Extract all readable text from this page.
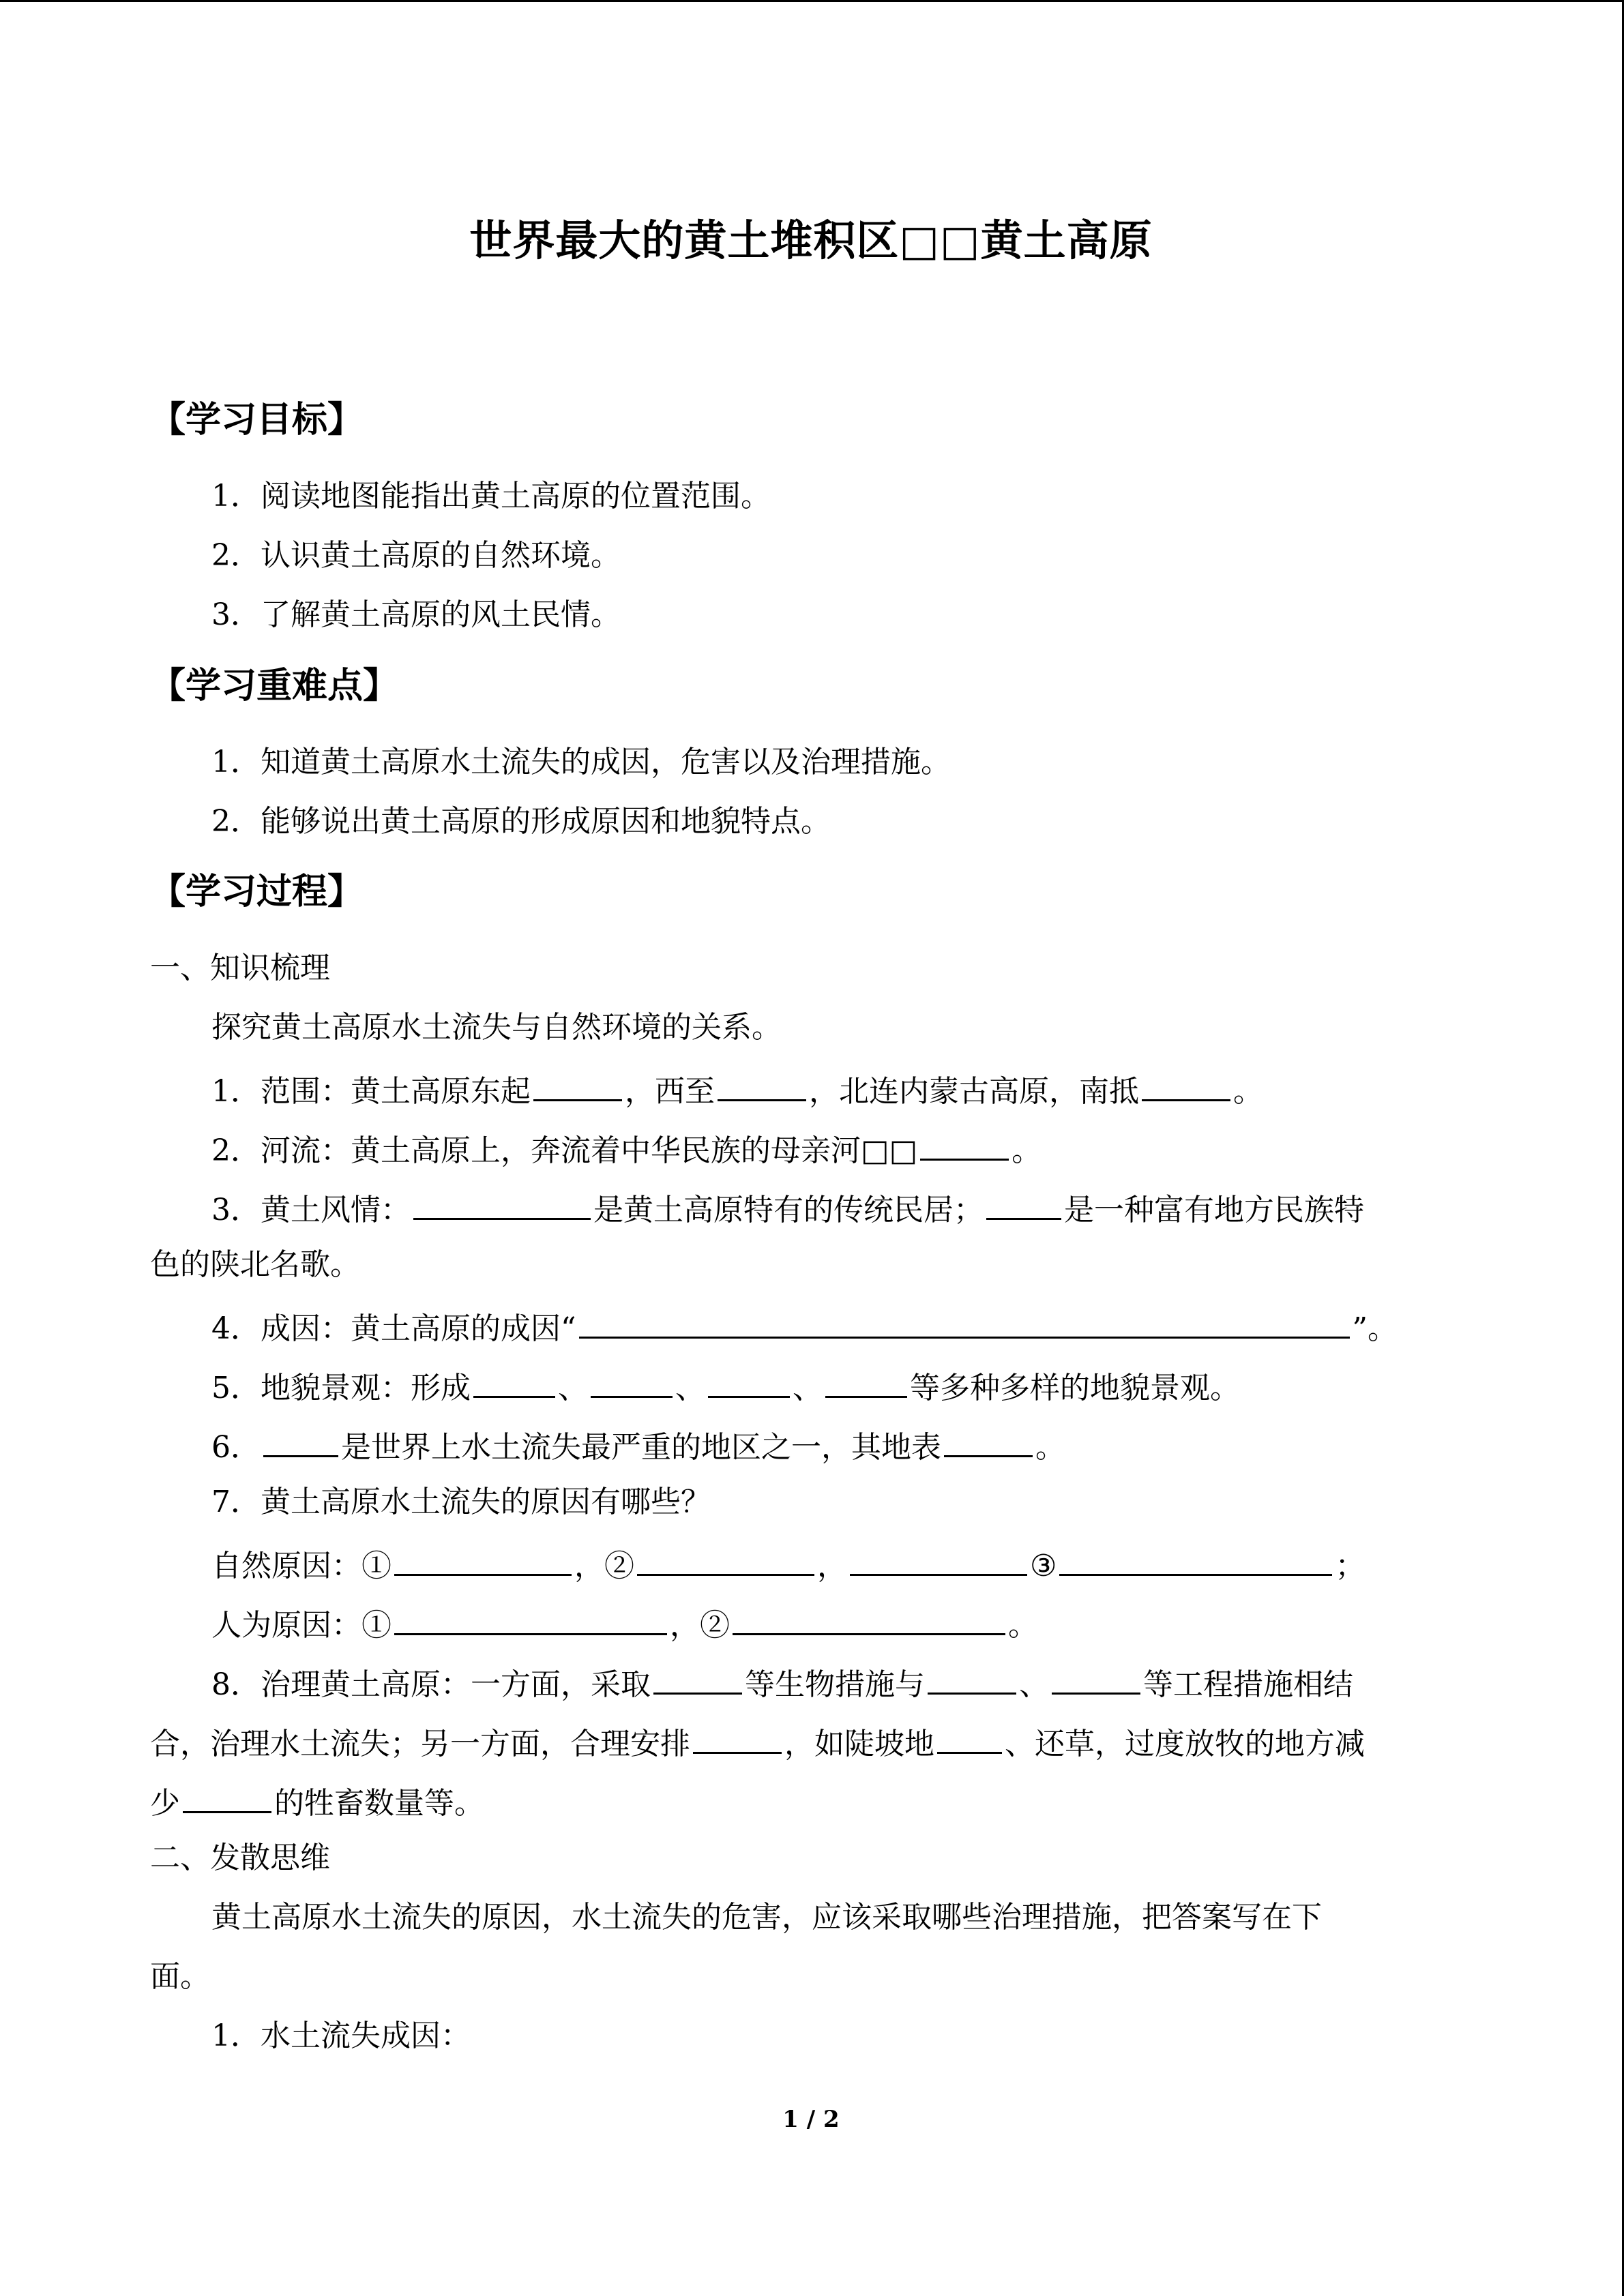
世界最大的黄土堆积区□□黄土高原
【学习目标】
1．阅读地图能指出黄土高原的位置范围。
2．认识黄土高原的自然环境。
3．了解黄土高原的风土民情。
【学习重难点】
1．知道黄土高原水土流失的成因，危害以及治理措施。
2．能够说出黄土高原的形成原因和地貌特点。
【学习过程】
一、知识梳理
探究黄土高原水土流失与自然环境的关系。
1．范围：黄土高原东起	，西至	，北连内蒙古高原，南抵	。
2．河流：黄土高原上，奔流着中华民族的母亲河□□	。
3．黄土风情：	是黄土高原特有的传统民居；	是一种富有地方民族特
色的陕北名歌。
4．成因：黄土高原的成因“	”。
5．地貌景观：形成	、	、	、	等多种多样的地貌景观。
6．	是世界上水土流失最严重的地区之一，其地表	。
7．黄土高原水土流失的原因有哪些？
自然原因：①	，②	，	③	；
人为原因：①	，②	。
8．治理黄土高原：一方面，采取	等生物措施与	、	等工程措施相结
合，治理水土流失；另一方面，合理安排	，如陡坡地 、还草，过度放牧的地方减
少	的牲畜数量等。
二、发散思维
黄土高原水土流失的原因，水土流失的危害，应该采取哪些治理措施，把答案写在下
面。
1．水土流失成因：
1 / 2
